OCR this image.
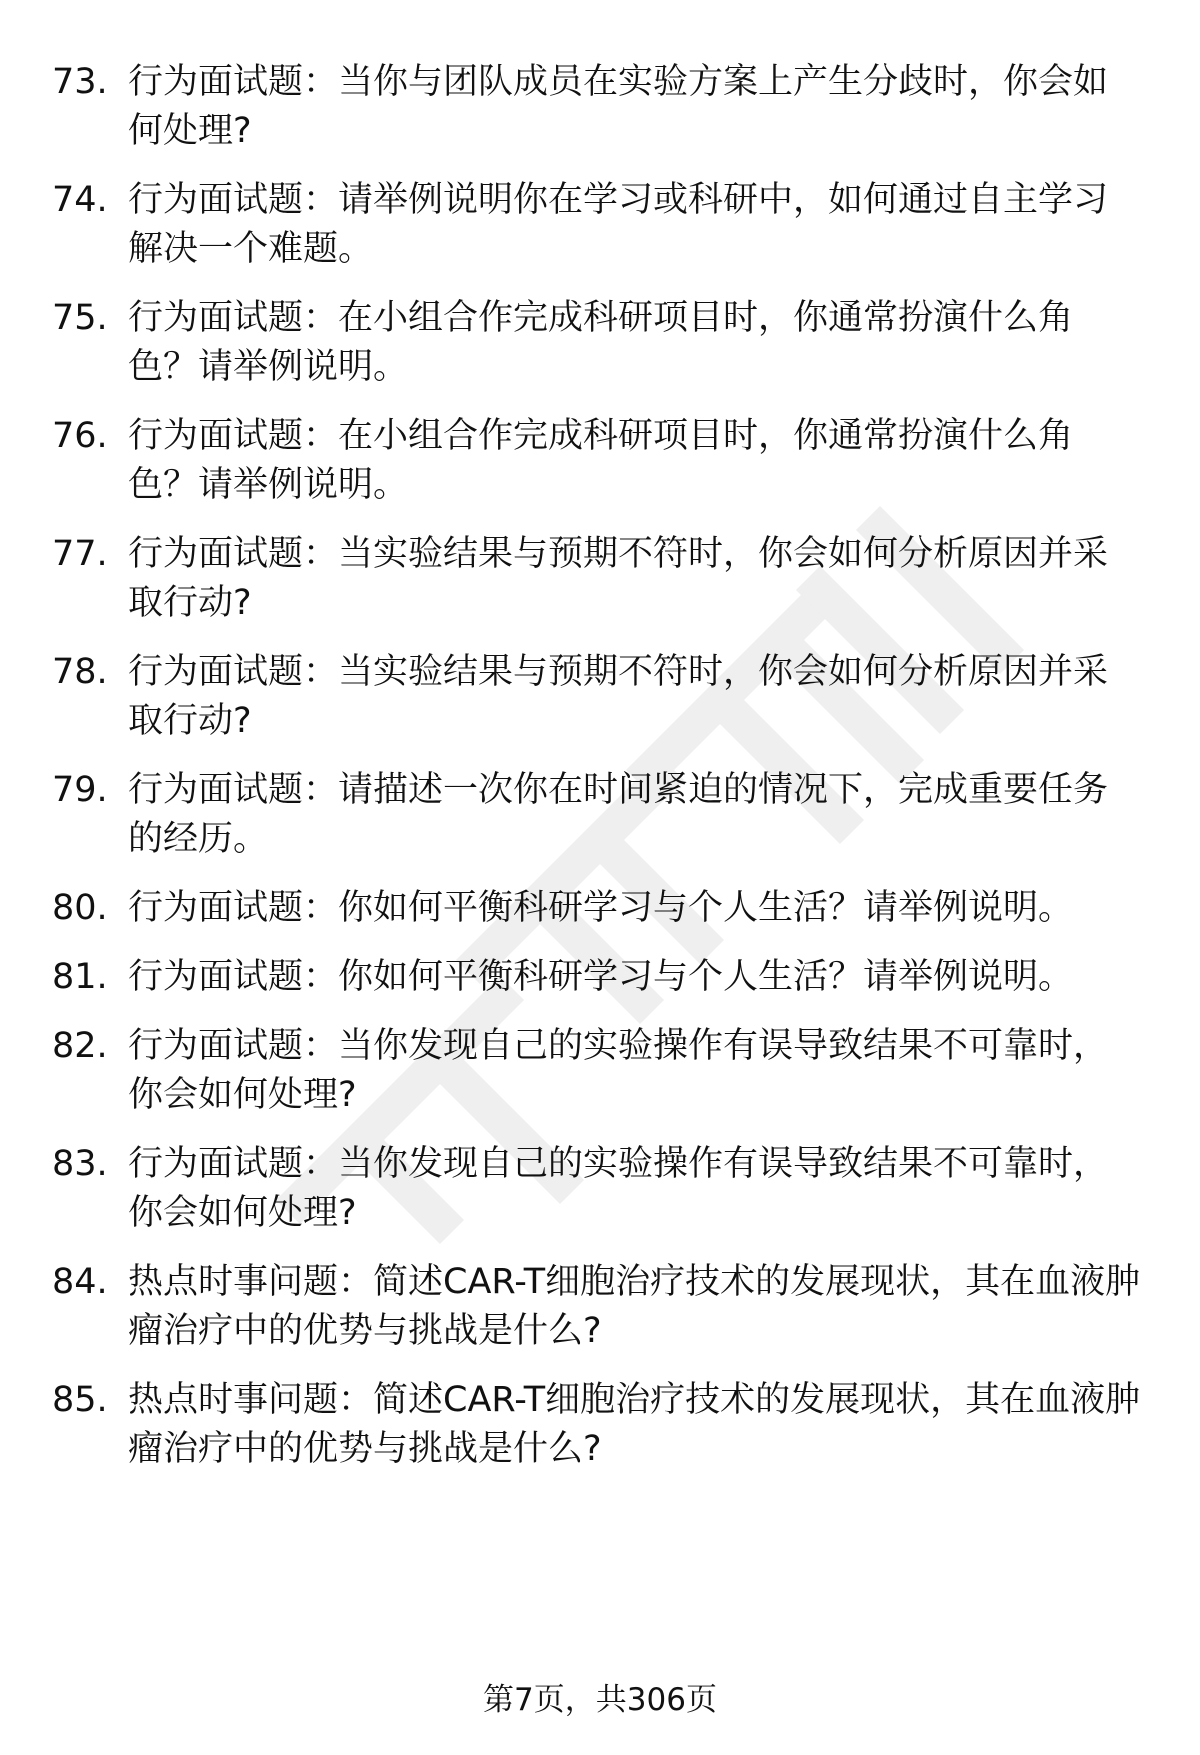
73. 行为面试题：当你与团队成员在实验方案上产生分歧时，你会如何处理?
74. 行为面试题：请举例说明你在学习或科研中，如何通过自主学习解决一个难题。
75. 行为面试题：在小组合作完成科研项目时，你通常扮演什么角色？请举例说明。
76. 行为面试题：在小组合作完成科研项目时，你通常扮演什么角色？请举例说明。
77. 行为面试题：当实验结果与预期不符时，你会如何分析原因并采取行动?
78. 行为面试题：当实验结果与预期不符时，你会如何分析原因并采取行动?
79. 行为面试题：请描述一次你在时间紧迫的情况下，完成重要任务的经历。
80. 行为面试题：你如何平衡科研学习与个人生活？请举例说明。
81. 行为面试题：你如何平衡科研学习与个人生活？请举例说明。
82. 行为面试题：当你发现自己的实验操作有误导致结果不可靠时，你会如何处理?
83. 行为面试题：当你发现自己的实验操作有误导致结果不可靠时，你会如何处理?
84. 热点时事问题：简述CAR-T细胞治疗技术的发展现状，其在血液肿瘤治疗中的优势与挑战是什么?
85. 热点时事问题：简述CAR-T细胞治疗技术的发展现状，其在血液肿瘤治疗中的优势与挑战是什么?
第7页，共306页
